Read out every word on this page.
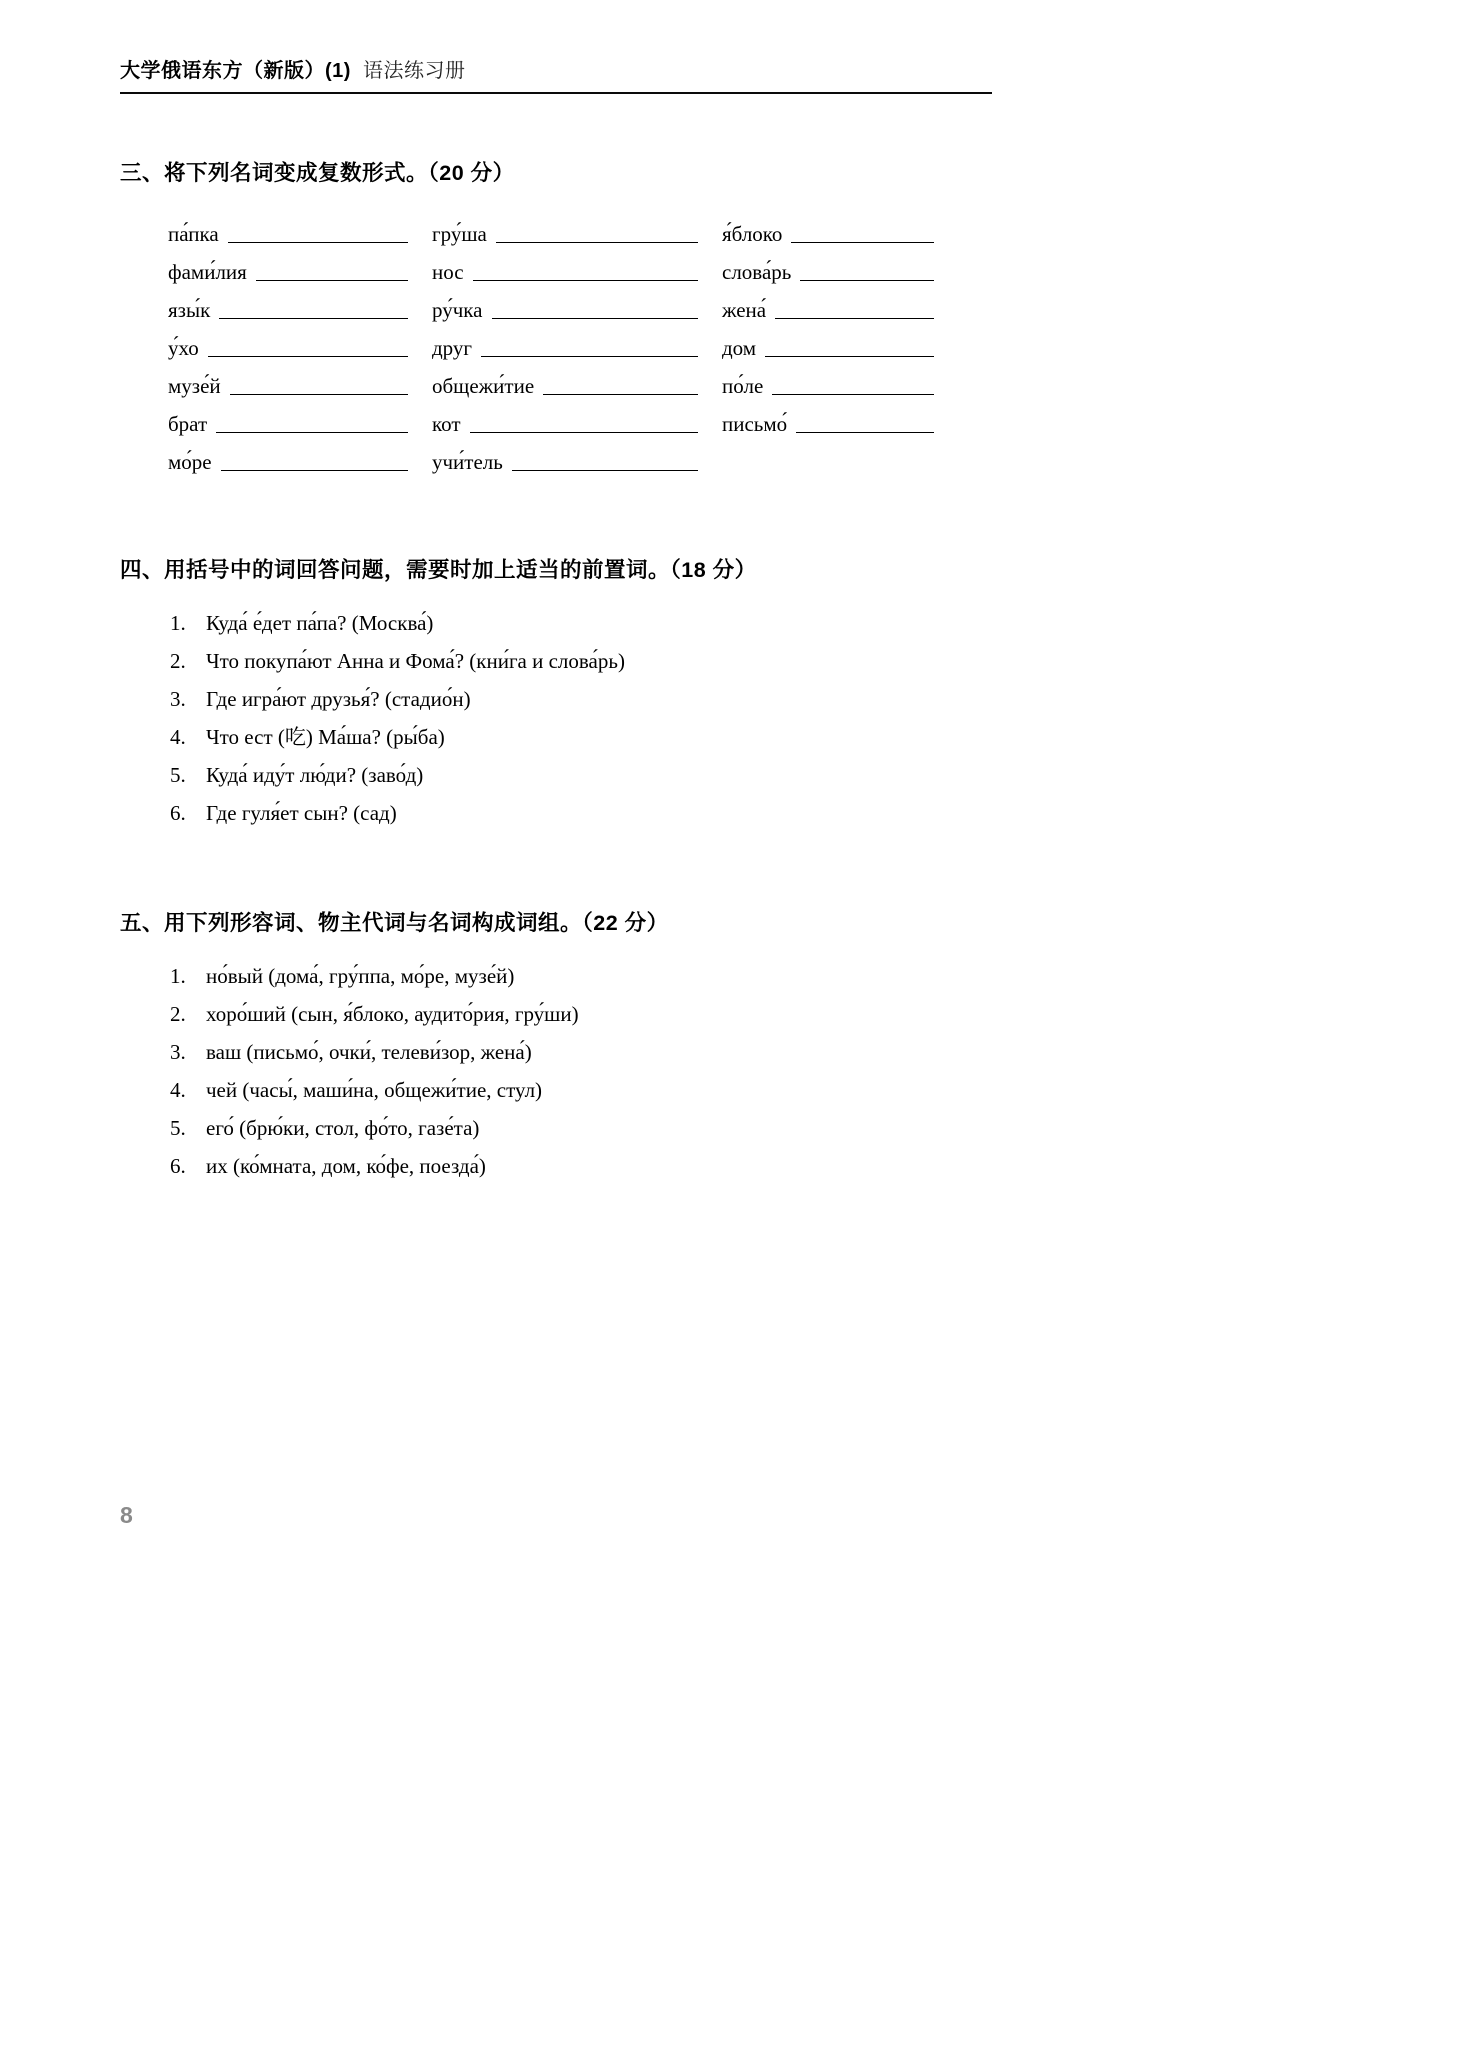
大学俄语东方（新版）(1) 语法练习册
三、将下列名词变成复数形式。（20 分）
па́пка
фами́лия
язы́к
у́хо
музе́й
брат
мо́ре
гру́ша
нос
ру́чка
друг
общежи́тие
кот
учи́тель
я́блоко
слова́рь
жена́
дом
по́ле
письмо́
四、用括号中的词回答问题，需要时加上适当的前置词。（18 分）
1. Куда́ е́дет па́па? (Москва́)
2. Что покупа́ют Анна и Фома́? (кни́га и слова́рь)
3. Где игра́ют друзья́? (стадио́н)
4. Что ест (吃) Ма́ша? (ры́ба)
5. Куда́ иду́т лю́ди? (заво́д)
6. Где гуля́ет сын? (сад)
五、用下列形容词、物主代词与名词构成词组。（22 分）
1. но́вый (дома́, гру́ппа, мо́ре, музе́й)
2. хоро́ший (сын, я́блоко, аудито́рия, гру́ши)
3. ваш (письмо́, очки́, телеви́зор, жена́)
4. чей (часы́, маши́на, общежи́тие, стул)
5. его́ (брю́ки, стол, фо́то, газе́та)
6. их (ко́мната, дом, ко́фе, поезда́)
8
